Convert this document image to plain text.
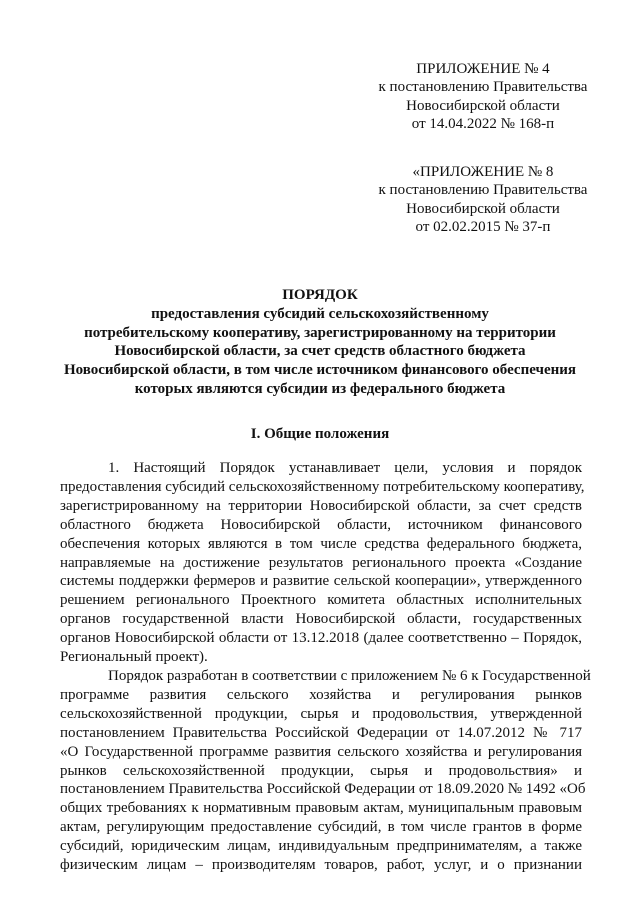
ПРИЛОЖЕНИЕ № 4
к постановлению Правительства
Новосибирской области
от 14.04.2022 № 168-п
«ПРИЛОЖЕНИЕ № 8
к постановлению Правительства
Новосибирской области
от 02.02.2015 № 37-п
ПОРЯДОК
предоставления субсидий сельскохозяйственному
потребительскому кооперативу, зарегистрированному на территории
Новосибирской области, за счет средств областного бюджета
Новосибирской области, в том числе источником финансового обеспечения
которых являются субсидии из федерального бюджета
I. Общие положения
1. Настоящий Порядок устанавливает цели, условия и порядок
предоставления субсидий сельскохозяйственному потребительскому кооперативу,
зарегистрированному на территории Новосибирской области, за счет средств
областного бюджета Новосибирской области, источником финансового
обеспечения которых являются в том числе средства федерального бюджета,
направляемые на достижение результатов регионального проекта «Создание
системы поддержки фермеров и развитие сельской кооперации», утвержденного
решением регионального Проектного комитета областных исполнительных
органов государственной власти Новосибирской области, государственных
органов Новосибирской области от 13.12.2018 (далее соответственно – Порядок,
Региональный проект).
Порядок разработан в соответствии с приложением № 6 к Государственной
программе развития сельского хозяйства и регулирования рынков
сельскохозяйственной продукции, сырья и продовольствия, утвержденной
постановлением Правительства Российской Федерации от 14.07.2012 № 717
«О Государственной программе развития сельского хозяйства и регулирования
рынков сельскохозяйственной продукции, сырья и продовольствия» и
постановлением Правительства Российской Федерации от 18.09.2020 № 1492 «Об
общих требованиях к нормативным правовым актам, муниципальным правовым
актам, регулирующим предоставление субсидий, в том числе грантов в форме
субсидий, юридическим лицам, индивидуальным предпринимателям, а также
физическим лицам – производителям товаров, работ, услуг, и о признании
